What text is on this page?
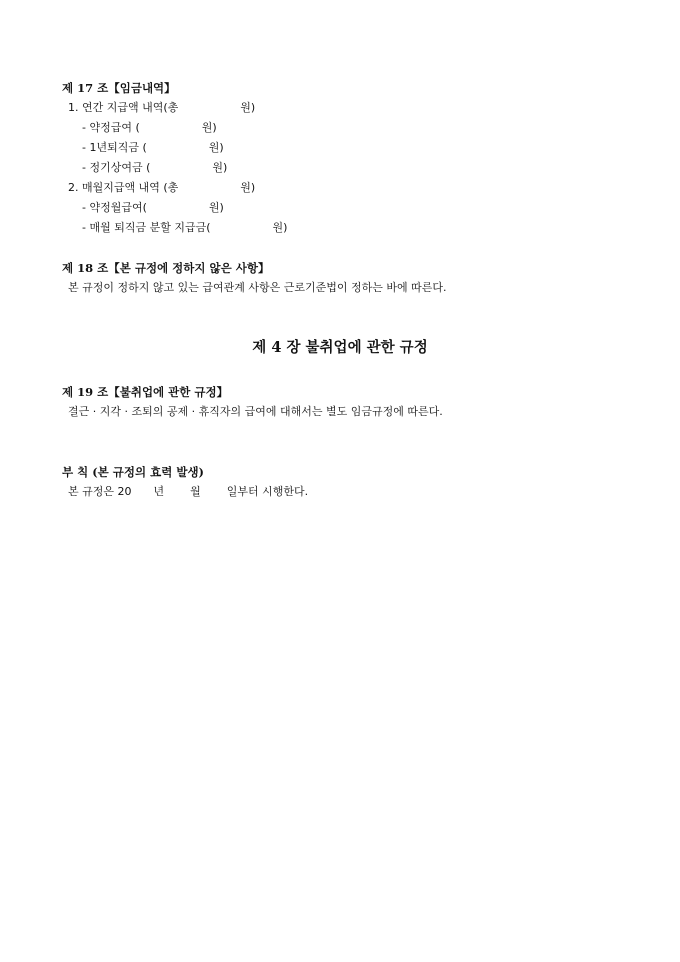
제 17 조【임금내역】
1. 연간 지급액 내역(총	원)
- 약정급여 (	원)
- 1년퇴직금 (	원)
- 정기상여금 (	원)
2. 매월지급액 내역 (총	원)
- 약정월급여(	원)
- 매월 퇴직금 분할 지급금(	원)
제 18 조【본 규정에 정하지 않은 사항】
본 규정이 정하지 않고 있는 급여관계 사항은 근로기준법이 정하는 바에 따른다.
제 4 장 불취업에 관한 규정
제 19 조【불취업에 관한 규정】
결근 · 지각 · 조퇴의 공제 · 휴직자의 급여에 대해서는 별도 임금규정에 따른다.
부 칙 (본 규정의 효력 발생)
본 규정은 20 년 월 일부터 시행한다.
